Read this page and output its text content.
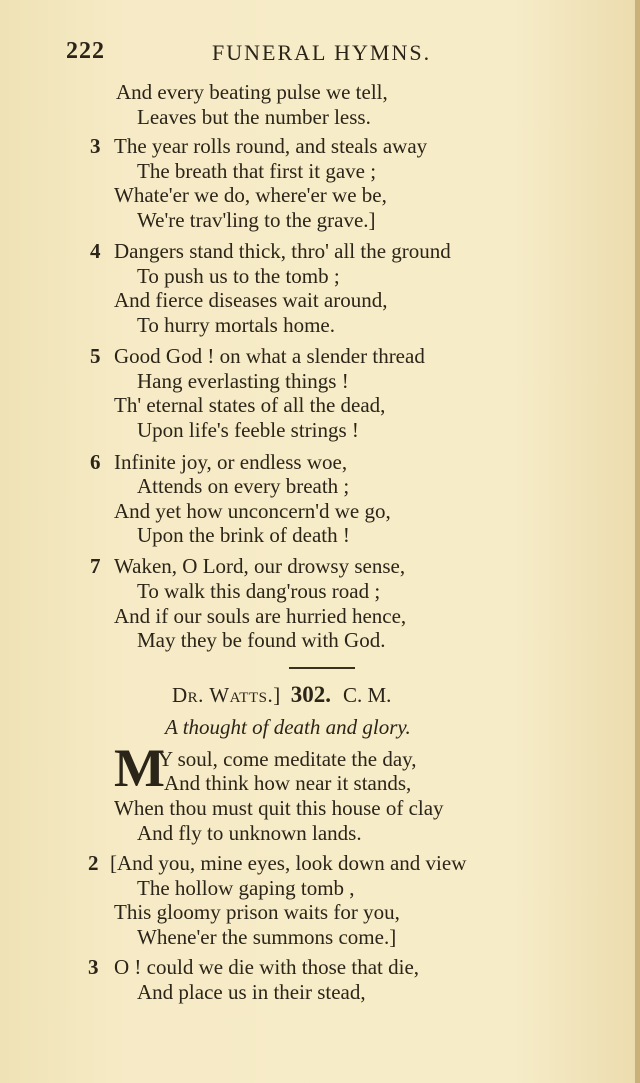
222	FUNERAL HYMNS.
And every beating pulse we tell,
Leaves but the number less.
3 The year rolls round, and steals away
The breath that first it gave ;
Whate'er we do, where'er we be,
We're trav'ling to the grave.]
4 Dangers stand thick, thro' all the ground
To push us to the tomb ;
And fierce diseases wait around,
To hurry mortals home.
5 Good God ! on what a slender thread
Hang everlasting things !
Th' eternal states of all the dead,
Upon life's feeble strings !
6 Infinite joy, or endless woe,
Attends on every breath ;
And yet how unconcern'd we go,
Upon the brink of death !
7 Waken, O Lord, our drowsy sense,
To walk this dang'rous road ;
And if our souls are hurried hence,
May they be found with God.
Dr. Watts.] 302. C. M.
A thought of death and glory.
M
Y soul, come meditate the day,
And think how near it stands,
When thou must quit this house of clay
And fly to unknown lands.
2 [And you, mine eyes, look down and view
The hollow gaping tomb ,
This gloomy prison waits for you,
Whene'er the summons come.]
3 O ! could we die with those that die,
And place us in their stead,
